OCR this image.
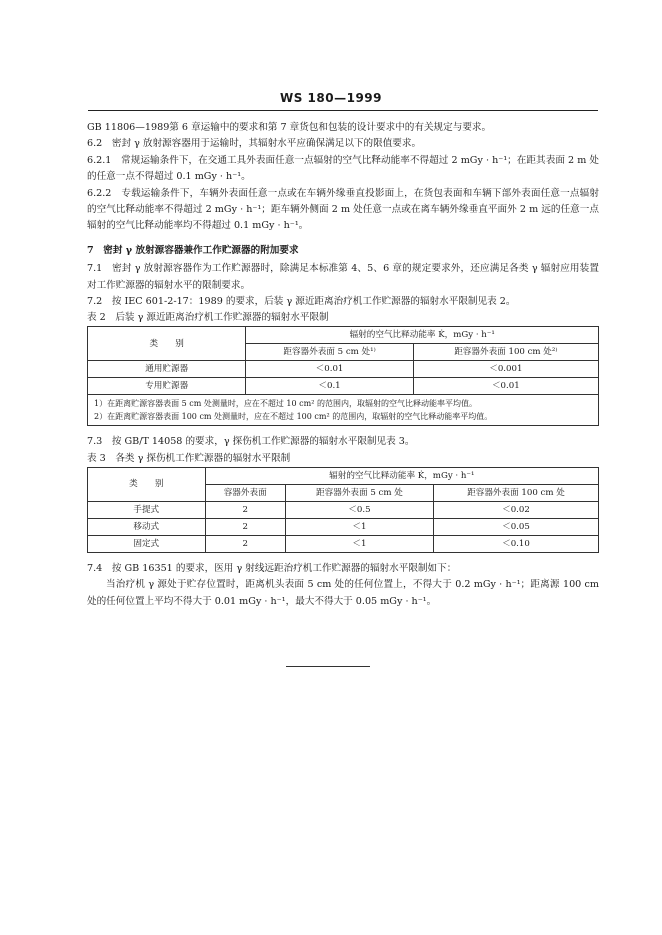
WS 180—1999

GB 11806—1989第 6 章运输中的要求和第 7 章货包和包装的设计要求中的有关规定与要求。

6.2　密封 γ 放射源容器用于运输时，其辐射水平应确保满足以下的限值要求。

6.2.1　常规运输条件下，在交通工具外表面任意一点辐射的空气比释动能率不得超过 2 mGy · h⁻¹；在距其表面 2 m 处的任意一点不得超过 0.1 mGy · h⁻¹。

6.2.2　专载运输条件下，车辆外表面任意一点或在车辆外缘垂直投影面上，在货包表面和车辆下部外表面任意一点辐射的空气比释动能率不得超过 2 mGy · h⁻¹；距车辆外侧面 2 m 处任意一点或在离车辆外缘垂直平面外 2 m 远的任意一点辐射的空气比释动能率均不得超过 0.1 mGy · h⁻¹。

7　密封 γ 放射源容器兼作工作贮源器的附加要求

7.1　密封 γ 放射源容器作为工作贮源器时，除满足本标准第 4、5、6 章的规定要求外，还应满足各类 γ 辐射应用装置对工作贮源器的辐射水平的限制要求。

7.2　按 IEC 601-2-17：1989 的要求，后装 γ 源近距离治疗机工作贮源器的辐射水平限制见表 2。

表 2　后装 γ 源近距离治疗机工作贮源器的辐射水平限制

类　　别	辐射的空气比释动能率 K̇，mGy · h⁻¹	
	距容器外表面 5 cm 处¹⁾	距容器外表面 100 cm 处²⁾
通用贮源器	＜0.01	＜0.001
专用贮源器	＜0.1	＜0.01

1）在距离贮源容器表面 5 cm 处测量时，应在不超过 10 cm² 的范围内，取辐射的空气比释动能率平均值。
2）在距离贮源容器表面 100 cm 处测量时，应在不超过 100 cm² 的范围内，取辐射的空气比释动能率平均值。		

7.3　按 GB/T 14058 的要求，γ 探伤机工作贮源器的辐射水平限制见表 3。

表 3　各类 γ 探伤机工作贮源器的辐射水平限制

类　　别	辐射的空气比释动能率 K̇，mGy · h⁻¹		
	容器外表面	距容器外表面 5 cm 处	距容器外表面 100 cm 处
手提式	2	＜0.5	＜0.02
移动式	2	＜1	＜0.05
固定式	2	＜1	＜0.10

7.4　按 GB 16351 的要求，医用 γ 射线远距治疗机工作贮源器的辐射水平限制如下：

当治疗机 γ 源处于贮存位置时，距离机头表面 5 cm 处的任何位置上，不得大于 0.2 mGy · h⁻¹；距离源 100 cm 处的任何位置上平均不得大于 0.01 mGy · h⁻¹，最大不得大于 0.05 mGy · h⁻¹。
